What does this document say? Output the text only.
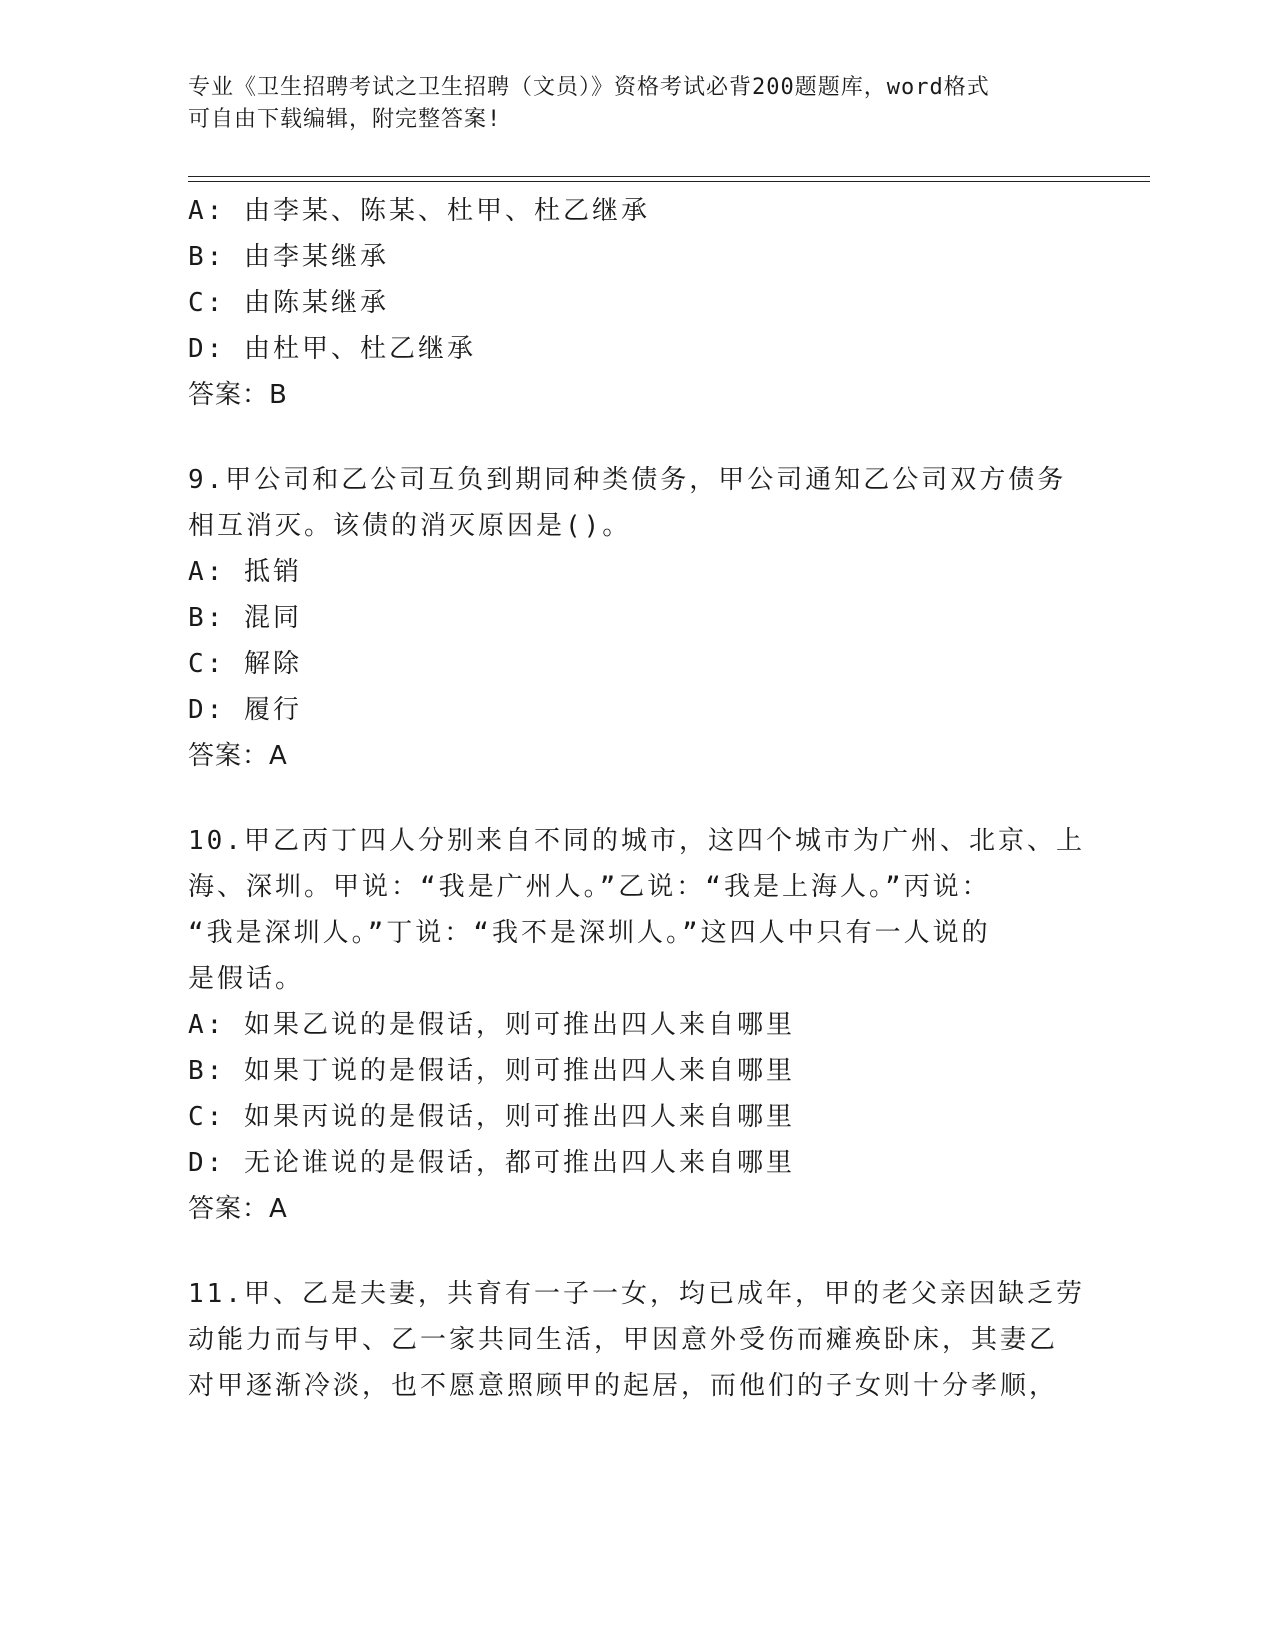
专业《卫生招聘考试之卫生招聘（文员）》资格考试必背200题题库，word格式
可自由下载编辑，附完整答案!
A: 由李某、陈某、杜甲、杜乙继承
B: 由李某继承
C: 由陈某继承
D: 由杜甲、杜乙继承
答案：B
9.甲公司和乙公司互负到期同种类债务，甲公司通知乙公司双方债务
相互消灭。该债的消灭原因是()。
A: 抵销
B: 混同
C: 解除
D: 履行
答案：A
10.甲乙丙丁四人分别来自不同的城市，这四个城市为广州、北京、上
海、深圳。甲说：“我是广州人。”乙说：“我是上海人。”丙说：
“我是深圳人。”丁说：“我不是深圳人。”这四人中只有一人说的
是假话。
A: 如果乙说的是假话，则可推出四人来自哪里
B: 如果丁说的是假话，则可推出四人来自哪里
C: 如果丙说的是假话，则可推出四人来自哪里
D: 无论谁说的是假话，都可推出四人来自哪里
答案：A
11.甲、乙是夫妻，共育有一子一女，均已成年，甲的老父亲因缺乏劳
动能力而与甲、乙一家共同生活，甲因意外受伤而瘫痪卧床，其妻乙
对甲逐渐冷淡，也不愿意照顾甲的起居，而他们的子女则十分孝顺，
